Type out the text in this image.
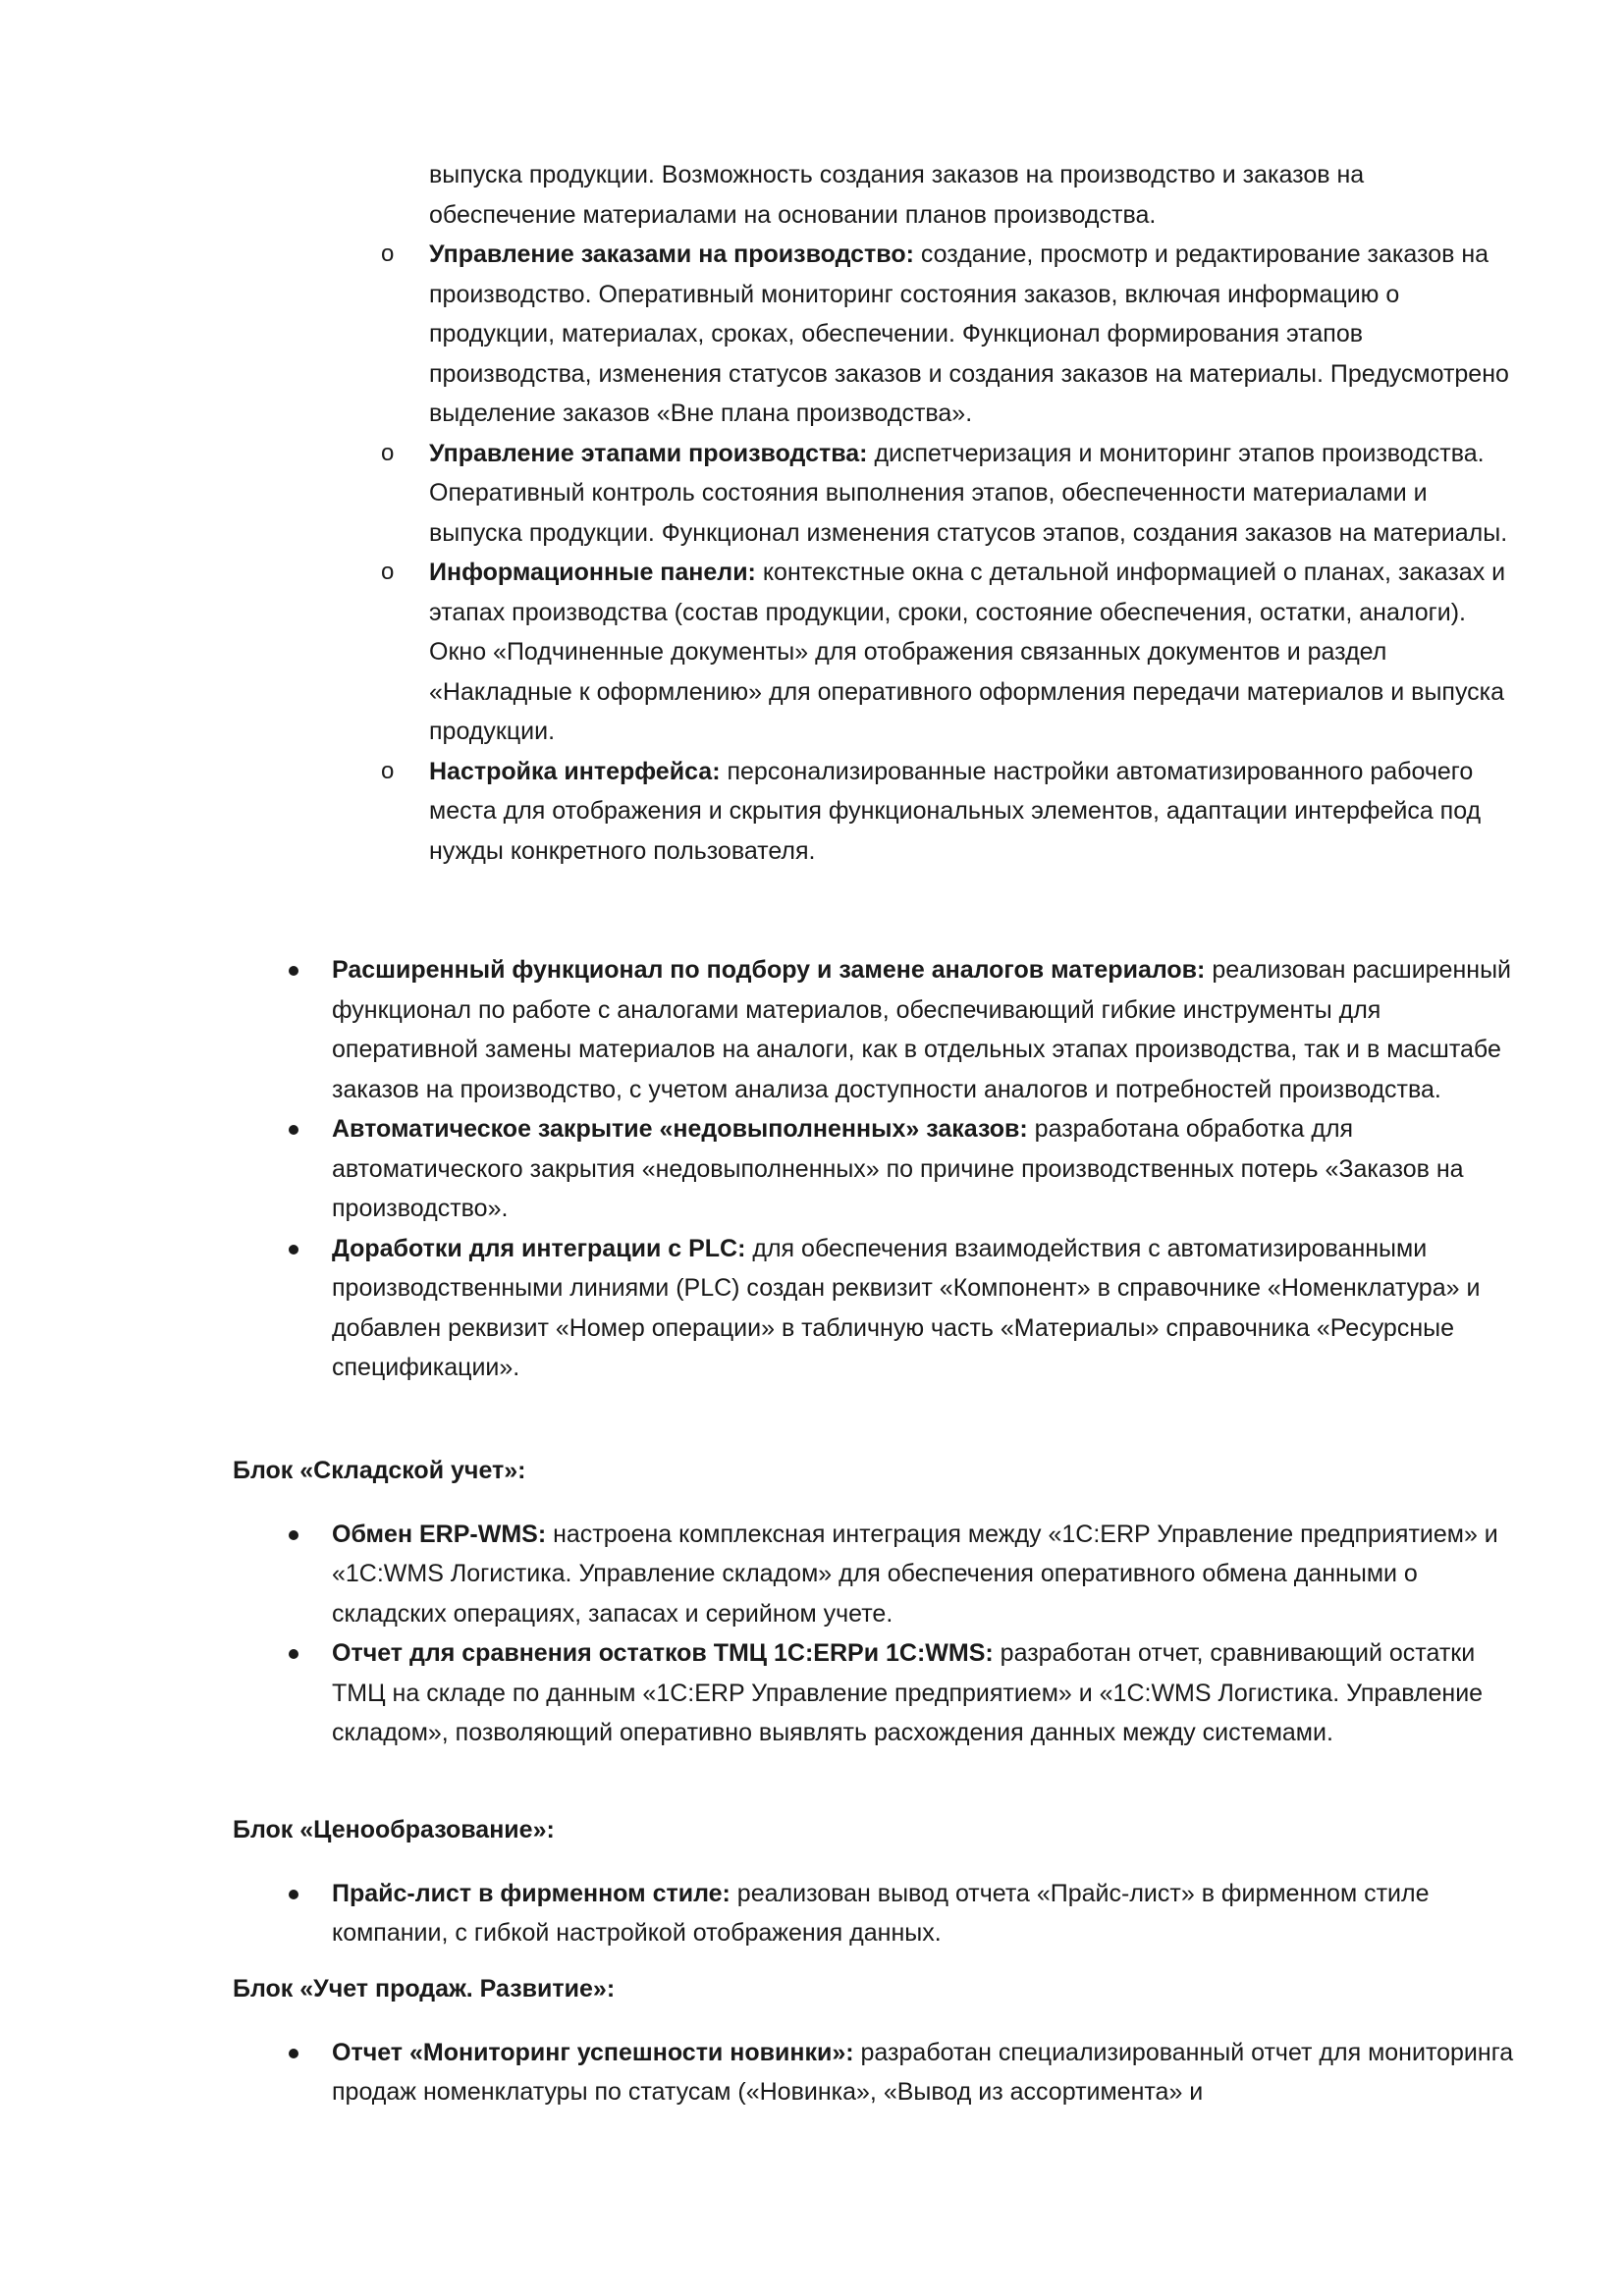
выпуска продукции. Возможность создания заказов на производство и заказов на обеспечение материалами на основании планов производства.

o Управление заказами на производство: создание, просмотр и редактирование заказов на производство. Оперативный мониторинг состояния заказов, включая информацию о продукции, материалах, сроках, обеспечении. Функционал формирования этапов производства, изменения статусов заказов и создания заказов на материалы. Предусмотрено выделение заказов «Вне плана производства».
o Управление этапами производства: диспетчеризация и мониторинг этапов производства. Оперативный контроль состояния выполнения этапов, обеспеченности материалами и выпуска продукции. Функционал изменения статусов этапов, создания заказов на материалы.
o Информационные панели: контекстные окна с детальной информацией о планах, заказах и этапах производства (состав продукции, сроки, состояние обеспечения, остатки, аналоги). Окно «Подчиненные документы» для отображения связанных документов и раздел «Накладные к оформлению» для оперативного оформления передачи материалов и выпуска продукции.
o Настройка интерфейса: персонализированные настройки автоматизированного рабочего места для отображения и скрытия функциональных элементов, адаптации интерфейса под нужды конкретного пользователя.
Расширенный функционал по подбору и замене аналогов материалов: реализован расширенный функционал по работе с аналогами материалов, обеспечивающий гибкие инструменты для оперативной замены материалов на аналоги, как в отдельных этапах производства, так и в масштабе заказов на производство, с учетом анализа доступности аналогов и потребностей производства.
Автоматическое закрытие «недовыполненных» заказов: разработана обработка для автоматического закрытия «недовыполненных» по причине производственных потерь «Заказов на производство».
Доработки для интеграции с PLC: для обеспечения взаимодействия с автоматизированными производственными линиями (PLC) создан реквизит «Компонент» в справочнике «Номенклатура» и добавлен реквизит «Номер операции» в табличную часть «Материалы» справочника «Ресурсные спецификации».
Блок «Складской учет»:
Обмен ERP-WMS: настроена комплексная интеграция между «1С:ERP Управление предприятием» и «1С:WMS Логистика. Управление складом» для обеспечения оперативного обмена данными о складских операциях, запасах и серийном учете.
Отчет для сравнения остатков ТМЦ 1С:ERPи 1С:WMS: разработан отчет, сравнивающий остатки ТМЦ на складе по данным «1С:ERP Управление предприятием» и «1С:WMS Логистика. Управление складом», позволяющий оперативно выявлять расхождения данных между системами.
Блок «Ценообразование»:
Прайс-лист в фирменном стиле: реализован вывод отчета «Прайс-лист» в фирменном стиле компании, с гибкой настройкой отображения данных.
Блок «Учет продаж. Развитие»:
Отчет «Мониторинг успешности новинки»: разработан специализированный отчет для мониторинга продаж номенклатуры по статусам («Новинка», «Вывод из ассортимента» и
